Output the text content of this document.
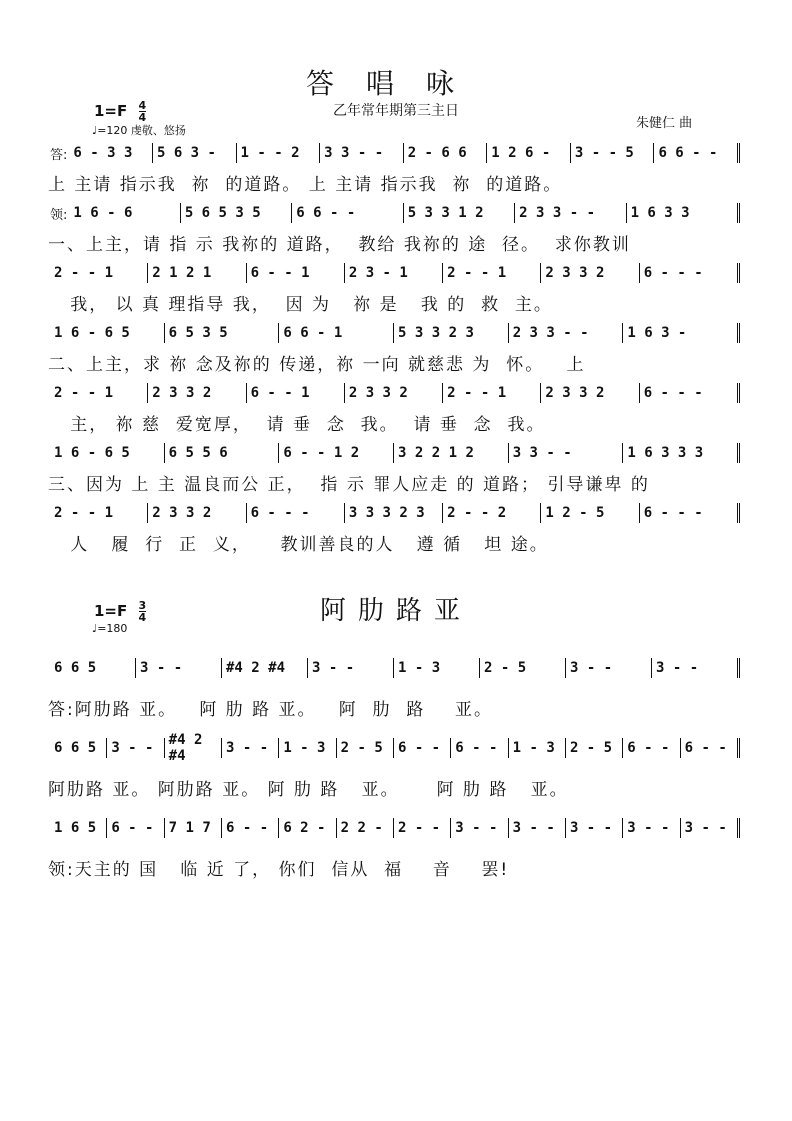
答唱咏
乙年常年期第三主日
朱健仁 曲
$1=F \frac{4}{4}$
♩=120 虔敬、悠扬
答: 6 - 3 3	5 6 3 -	1 - - 2	3 3 - -	2 - 6 6	1 2 6 -	3 - - 5	6 6 - -
上 主请 指示我  祢  的道路。 上 主请 指示我  祢  的道路。
领: 1 6 - 6	5 6 5 3 5	6 6 - -	5 3 3 1 2	2 3 3 - -	1 6 3 3
一、上主，请 指 示 我祢的 道路，  教给 我祢的 途  径。  求你教训
2 - - 1	2 1 2 1	6 - - 1	2 3 - 1	2 - - 1	2 3 3 2	6 - - -
我， 以 真 理指导 我，  因 为   祢 是   我 的  救  主。
1 6 - 6 5	6 5 3 5	6 6 - 1	5 3 3 2 3	2 3 3 - -	1 6 3 -
二、上主，求 祢 念及祢的 传递，祢 一向 就慈悲 为  怀。   上
2 - - 1	2 3 3 2	6 - - 1	2 3 3 2	2 - - 1	2 3 3 2	6 - - -
主， 祢 慈  爱宽厚，  请 垂  念  我。  请 垂  念  我。
1 6 - 6 5	6 5 5 6	6 - - 1 2	3 2 2 1 2	3 3 - -	1 6 3 3 3
三、因为 上 主 温良而公 正，  指 示 罪人应走 的 道路； 引导谦卑 的
2 - - 1	2 3 3 2	6 - - -	3 3 3 2 3	2 - - 2	1 2 - 5	6 - - -
人   履  行  正  义，    教训善良的人   遵 循   坦 途。
阿肋路亚
$1=F \frac{3}{4}$
♩=180
6 6 5	3 - -	#4 2 #4	3 - -	1 - 3	2 - 5	3 - -	3 - -
答:阿肋路 亚。   阿 肋 路 亚。   阿  肋  路    亚。
6 6 5	3 - -	#4 2 #4	3 - -	1 - 3	2 - 5	6 - -	6 - -	1 - 3	2 - 5	6 - -	6 - -
阿肋路 亚。 阿肋路 亚。 阿 肋 路   亚。     阿 肋 路   亚。
1 6 5	6 - -	7 1 7	6 - -	6 2 -	2 2 -	2 - -	3 - -	3 - -	3 - -	3 - -	3 - -
领:天主的 国   临 近 了， 你们  信从  福    音    罢!
